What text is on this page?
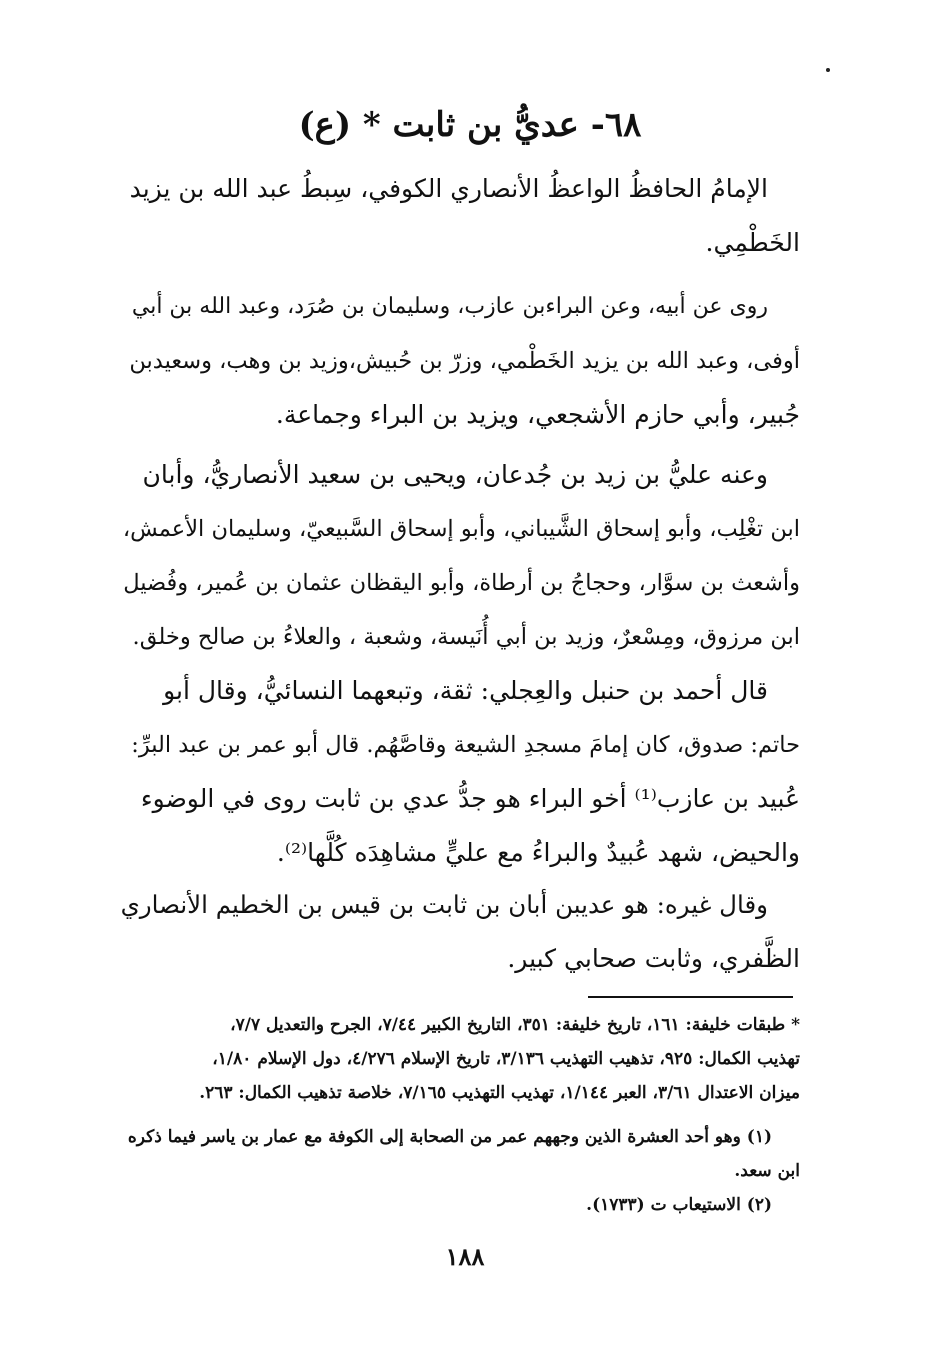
٦٨- عديُّ بن ثابت * (ع)
الإمامُ الحافظُ الواعظُ الأنصاري الكوفي، سِبطُ عبد الله بن يزيد
الخَطْمِي.
روى عن أبيه، وعن البراءبن عازب، وسليمان بن صُرَد، وعبد الله بن أبي
أوفى، وعبد الله بن يزيد الخَطْمي، وزرّ بن حُبيش،وزيد بن وهب، وسعيدبن
جُبير، وأبي حازم الأشجعي، ويزيد بن البراء وجماعة.
وعنه عليُّ بن زيد بن جُدعان، ويحيى بن سعيد الأنصاريُّ، وأبان
ابن تغْلِب، وأبو إسحاق الشَّيباني، وأبو إسحاق السَّبيعيّ، وسليمان الأعمش،
وأشعث بن سوَّار، وحجاجُ بن أرطاة، وأبو اليقظان عثمان بن عُمير، وفُضيل
ابن مرزوق، ومِسْعرٌ، وزيد بن أبي أُنَيسة، وشعبة ، والعلاءُ بن صالح وخلق.
قال أحمد بن حنبل والعِجلي: ثقة، وتبعهما النسائيُّ، وقال أبو
حاتم: صدوق، كان إمامَ مسجدِ الشيعة وقاصَّهُم. قال أبو عمر بن عبد البرِّ:
عُبيد بن عازب⁽¹⁾ أخو البراء هو جدُّ عدي بن ثابت روى في الوضوء
والحيض، شهد عُبيدٌ والبراءُ مع عليٍّ مشاهِدَه كُلَّها⁽²⁾.
وقال غيره: هو عديبن أبان بن ثابت بن قيس بن الخطيم الأنصاري
الظَّفري، وثابت صحابي كبير.
* طبقات خليفة: ١٦١، تاريخ خليفة: ٣٥١، التاريخ الكبير ٧/٤٤، الجرح والتعديل ٧/٧،
تهذيب الكمال: ٩٢٥، تذهيب التهذيب ٣/١٣٦، تاريخ الإسلام ٤/٢٧٦، دول الإسلام ١/٨٠،
ميزان الاعتدال ٣/٦١، العبر ١/١٤٤، تهذيب التهذيب ٧/١٦٥، خلاصة تذهيب الكمال: ٢٦٣.
(١) وهو أحد العشرة الذين وجههم عمر من الصحابة إلى الكوفة مع عمار بن ياسر فيما ذكره
ابن سعد.
(٢) الاستيعاب ت (١٧٣٣).
١٨٨
